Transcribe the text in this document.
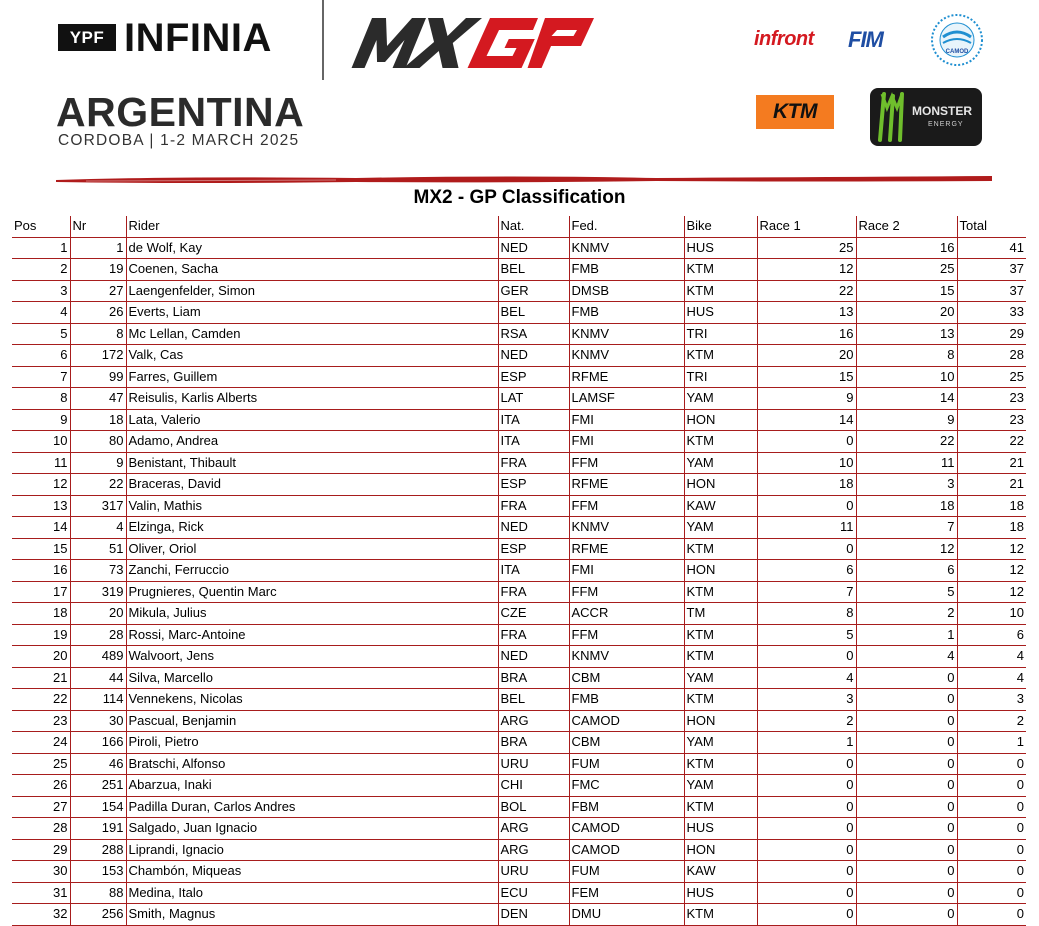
YPF INFINIA
ARGENTINA
CORDOBA | 1-2 MARCH 2025
infront FIM	CAMOD
KTM	MONSTER
ENERGY
MX2 - GP Classification
Pos	Nr	Rider	Nat.	Fed.	Bike	Race 1	Race 2	Total
1	1	de Wolf, Kay	NED	KNMV	HUS	25	16	41
2	19	Coenen, Sacha	BEL	FMB	KTM	12	25	37
3	27	Laengenfelder, Simon	GER	DMSB	KTM	22	15	37
4	26	Everts, Liam	BEL	FMB	HUS	13	20	33
5	8	Mc Lellan, Camden	RSA	KNMV	TRI	16	13	29
6	172	Valk, Cas	NED	KNMV	KTM	20	8	28
7	99	Farres, Guillem	ESP	RFME	TRI	15	10	25
8	47	Reisulis, Karlis Alberts	LAT	LAMSF	YAM	9	14	23
9	18	Lata, Valerio	ITA	FMI	HON	14	9	23
10	80	Adamo, Andrea	ITA	FMI	KTM	0	22	22
11	9	Benistant, Thibault	FRA	FFM	YAM	10	11	21
12	22	Braceras, David	ESP	RFME	HON	18	3	21
13	317	Valin, Mathis	FRA	FFM	KAW	0	18	18
14	4	Elzinga, Rick	NED	KNMV	YAM	11	7	18
15	51	Oliver, Oriol	ESP	RFME	KTM	0	12	12
16	73	Zanchi, Ferruccio	ITA	FMI	HON	6	6	12
17	319	Prugnieres, Quentin Marc	FRA	FFM	KTM	7	5	12
18	20	Mikula, Julius	CZE	ACCR	TM	8	2	10
19	28	Rossi, Marc-Antoine	FRA	FFM	KTM	5	1	6
20	489	Walvoort, Jens	NED	KNMV	KTM	0	4	4
21	44	Silva, Marcello	BRA	CBM	YAM	4	0	4
22	114	Vennekens, Nicolas	BEL	FMB	KTM	3	0	3
23	30	Pascual, Benjamin	ARG	CAMOD	HON	2	0	2
24	166	Piroli, Pietro	BRA	CBM	YAM	1	0	1
25	46	Bratschi, Alfonso	URU	FUM	KTM	0	0	0
26	251	Abarzua, Inaki	CHI	FMC	YAM	0	0	0
27	154	Padilla Duran, Carlos Andres	BOL	FBM	KTM	0	0	0
28	191	Salgado, Juan Ignacio	ARG	CAMOD	HUS	0	0	0
29	288	Liprandi, Ignacio	ARG	CAMOD	HON	0	0	0
30	153	Chambón, Miqueas	URU	FUM	KAW	0	0	0
31	88	Medina, Italo	ECU	FEM	HUS	0	0	0
32	256	Smith, Magnus	DEN	DMU	KTM	0	0	0
